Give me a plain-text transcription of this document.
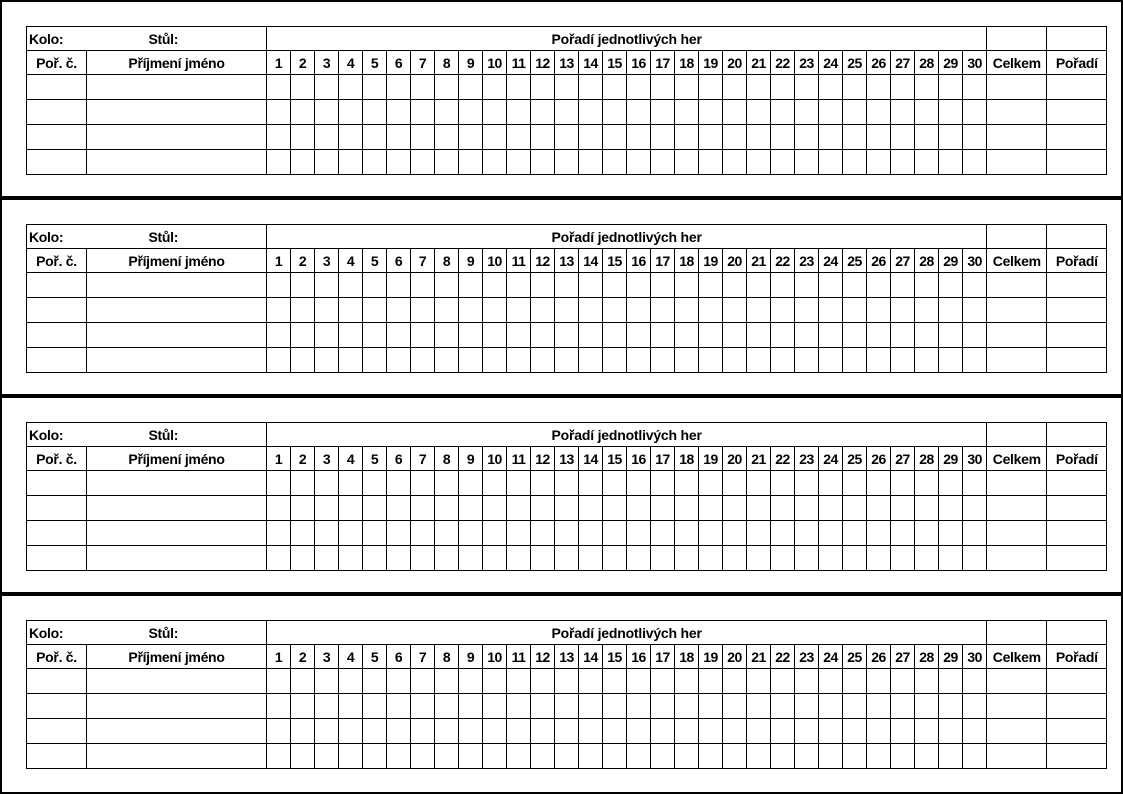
Kolo:		Stůl:	Pořadí jednotlivých her																															
Poř. č.	Příjmení jméno		1	2	3	4	5	6	7	8	9	10	11	12	13	14	15	16	17	18	19	20	21	22	23	24	25	26	27	28	29	30	Celkem	Pořadí

Kolo:		Stůl:	Pořadí jednotlivých her																															
Poř. č.	Příjmení jméno		1	2	3	4	5	6	7	8	9	10	11	12	13	14	15	16	17	18	19	20	21	22	23	24	25	26	27	28	29	30	Celkem	Pořadí

Kolo:		Stůl:	Pořadí jednotlivých her																															
Poř. č.	Příjmení jméno		1	2	3	4	5	6	7	8	9	10	11	12	13	14	15	16	17	18	19	20	21	22	23	24	25	26	27	28	29	30	Celkem	Pořadí

Kolo:		Stůl:	Pořadí jednotlivých her																															
Poř. č.	Příjmení jméno		1	2	3	4	5	6	7	8	9	10	11	12	13	14	15	16	17	18	19	20	21	22	23	24	25	26	27	28	29	30	Celkem	Pořadí
